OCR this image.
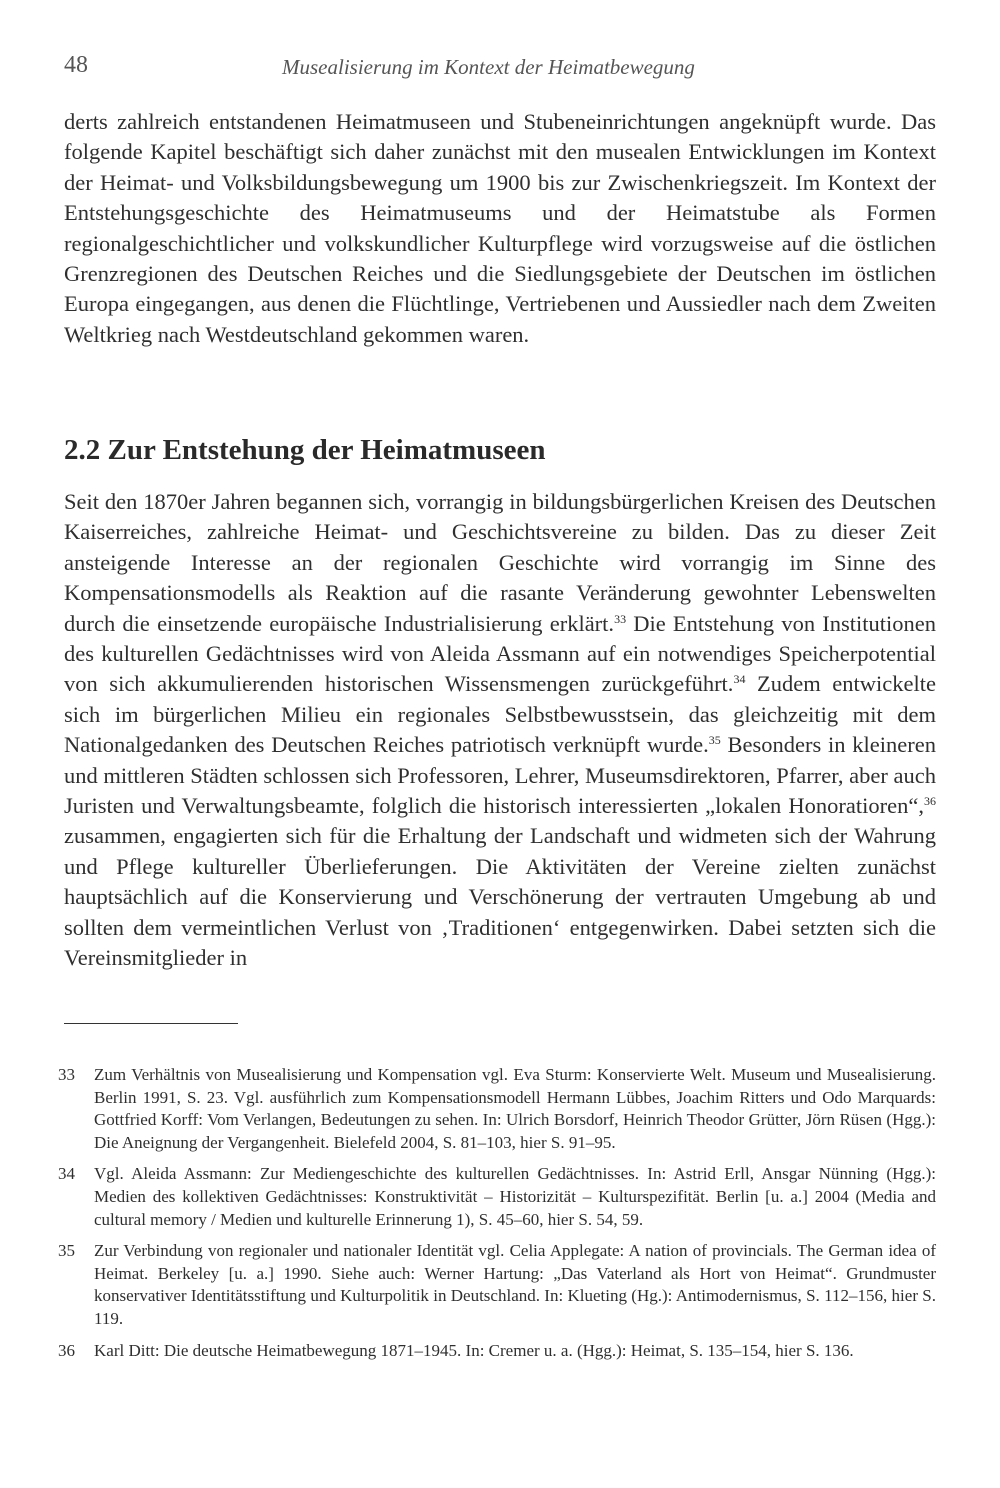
48	Musealisierung im Kontext der Heimatbewegung

derts zahlreich entstandenen Heimatmuseen und Stubeneinrichtungen angeknüpft wurde. Das folgende Kapitel beschäftigt sich daher zunächst mit den musealen Entwicklungen im Kontext der Heimat- und Volksbildungsbewegung um 1900 bis zur Zwischenkriegszeit. Im Kontext der Entstehungsgeschichte des Heimatmuseums und der Heimatstube als Formen regionalgeschichtlicher und volkskundlicher Kulturpflege wird vorzugsweise auf die östlichen Grenzregionen des Deutschen Reiches und die Siedlungsgebiete der Deutschen im östlichen Europa eingegangen, aus denen die Flüchtlinge, Vertriebenen und Aussiedler nach dem Zweiten Weltkrieg nach Westdeutschland gekommen waren.

2.2 Zur Entstehung der Heimatmuseen

Seit den 1870er Jahren begannen sich, vorrangig in bildungsbürgerlichen Kreisen des Deutschen Kaiserreiches, zahlreiche Heimat- und Geschichtsvereine zu bilden. Das zu dieser Zeit ansteigende Interesse an der regionalen Geschichte wird vorrangig im Sinne des Kompensationsmodells als Reaktion auf die rasante Veränderung gewohnter Lebenswelten durch die einsetzende europäische Industrialisierung erklärt.$^{33}$ Die Entstehung von Institutionen des kulturellen Gedächtnisses wird von Aleida Assmann auf ein notwendiges Speicherpotential von sich akkumulierenden historischen Wissensmengen zurückgeführt.$^{34}$ Zudem entwickelte sich im bürgerlichen Milieu ein regionales Selbstbewusstsein, das gleichzeitig mit dem Nationalgedanken des Deutschen Reiches patriotisch verknüpft wurde.$^{35}$ Besonders in kleineren und mittleren Städten schlossen sich Professoren, Lehrer, Museumsdirektoren, Pfarrer, aber auch Juristen und Verwaltungsbeamte, folglich die historisch interessierten „lokalen Honoratioren“,$^{36}$ zusammen, engagierten sich für die Erhaltung der Landschaft und widmeten sich der Wahrung und Pflege kultureller Überlieferungen. Die Aktivitäten der Vereine zielten zunächst hauptsächlich auf die Konservierung und Verschönerung der vertrauten Umgebung ab und sollten dem vermeintlichen Verlust von ‚Traditionen‘ entgegenwirken. Dabei setzten sich die Vereinsmitglieder in

33 Zum Verhältnis von Musealisierung und Kompensation vgl. Eva Sturm: Konservierte Welt. Museum und Musealisierung. Berlin 1991, S. 23. Vgl. ausführlich zum Kompensationsmodell Hermann Lübbes, Joachim Ritters und Odo Marquards: Gottfried Korff: Vom Verlangen, Bedeutungen zu sehen. In: Ulrich Borsdorf, Heinrich Theodor Grütter, Jörn Rüsen (Hgg.): Die Aneignung der Vergangenheit. Bielefeld 2004, S. 81–103, hier S. 91–95.

34 Vgl. Aleida Assmann: Zur Mediengeschichte des kulturellen Gedächtnisses. In: Astrid Erll, Ansgar Nünning (Hgg.): Medien des kollektiven Gedächtnisses: Konstruktivität – Historizität – Kulturspezifität. Berlin [u. a.] 2004 (Media and cultural memory / Medien und kulturelle Erinnerung 1), S. 45–60, hier S. 54, 59.

35 Zur Verbindung von regionaler und nationaler Identität vgl. Celia Applegate: A nation of provincials. The German idea of Heimat. Berkeley [u. a.] 1990. Siehe auch: Werner Hartung: „Das Vaterland als Hort von Heimat“. Grundmuster konservativer Identitätsstiftung und Kulturpolitik in Deutschland. In: Klueting (Hg.): Antimodernismus, S. 112–156, hier S. 119.

36 Karl Ditt: Die deutsche Heimatbewegung 1871–1945. In: Cremer u. a. (Hgg.): Heimat, S. 135–154, hier S. 136.
